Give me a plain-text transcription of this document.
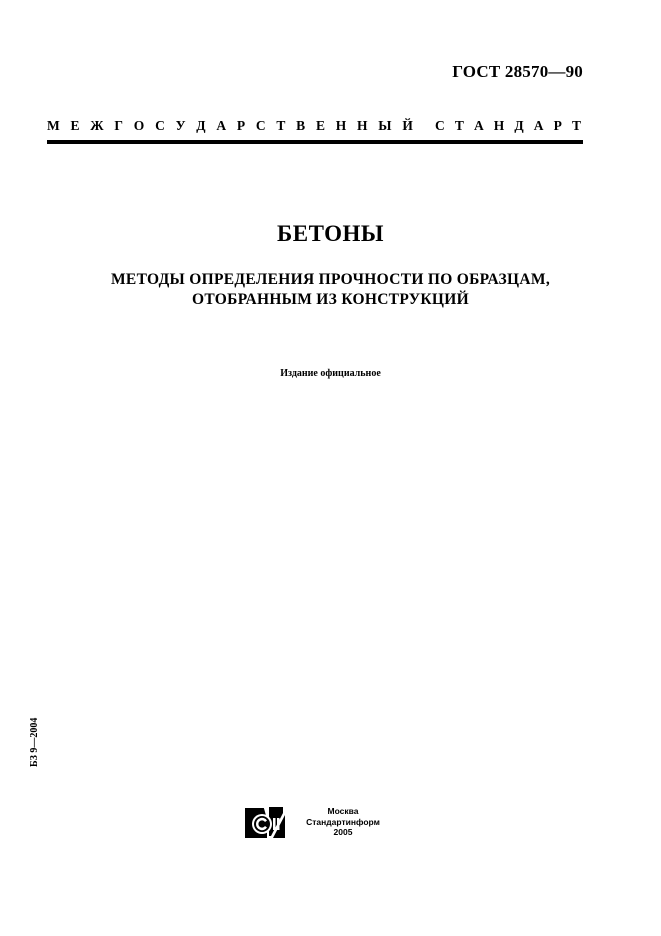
ГОСТ 28570—90
М Е Ж Г О С У Д А Р С Т В Е Н Н Ы Й С Т А Н Д А Р Т
БЕТОНЫ
МЕТОДЫ ОПРЕДЕЛЕНИЯ ПРОЧНОСТИ ПО ОБРАЗЦАМ,
ОТОБРАННЫМ ИЗ КОНСТРУКЦИЙ
Издание официальное
БЗ 9—2004
Москва
Стандартинформ
2005
